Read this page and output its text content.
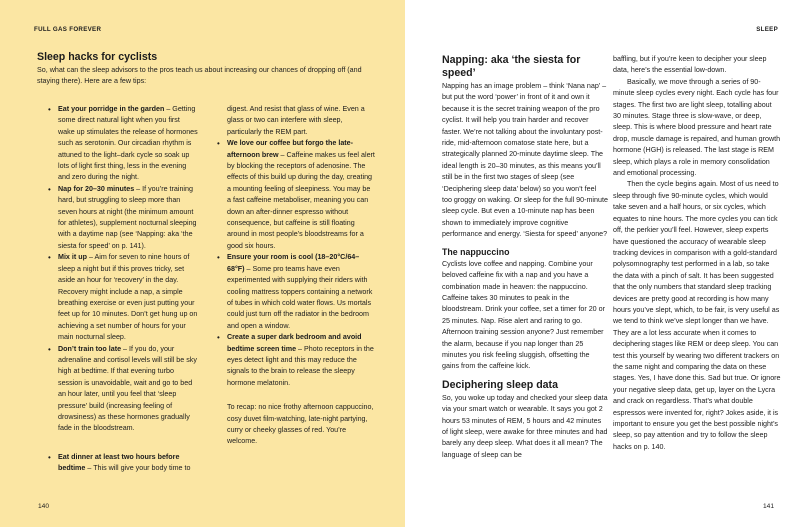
FULL GAS FOREVER
Sleep hacks for cyclists

So, what can the sleep advisors to the pros teach us about increasing our chances of dropping off (and staying there). Here are a few tips:

• Eat your porridge in the garden – Getting some direct natural light when you first wake up stimulates the release of hormones such as serotonin. Our circadian rhythm is attuned to the light–dark cycle so soak up lots of light first thing, less in the evening and zero during the night.
• Nap for 20–30 minutes – If you’re training hard, but struggling to sleep more than seven hours at night (the minimum amount for athletes), supplement nocturnal sleeping with a daytime nap (see ‘Napping: aka ‘the siesta for speed’ on p. 141).
• Mix it up – Aim for seven to nine hours of sleep a night but if this proves tricky, set aside an hour for ‘recovery’ in the day. Recovery might include a nap, a simple breathing exercise or even just putting your feet up for 10 minutes. Don’t get hung up on achieving a set number of hours for your main nocturnal sleep.
• Don’t train too late – If you do, your adrenaline and cortisol levels will still be sky high at bedtime. If that evening turbo session is unavoidable, wait and go to bed an hour later, until you feel that ‘sleep pressure’ build (increasing feeling of drowsiness) as these hormones gradually fade in the bloodstream.
• Eat dinner at least two hours before bedtime – This will give your body time to

digest. And resist that glass of wine. Even a glass or two can interfere with sleep, particularly the REM part.

• We love our coffee but forgo the late-afternoon brew – Caffeine makes us feel alert by blocking the receptors of adenosine. The effects of this build up during the day, creating a mounting feeling of sleepiness. You may be a fast caffeine metaboliser, meaning you can down an after-dinner espresso without consequence, but caffeine is still floating around in most people’s bloodstreams for a good six hours.
• Ensure your room is cool (18–20°C/64–68°F) – Some pro teams have even experimented with supplying their riders with cooling mattress toppers containing a network of tubes in which cold water flows. Us mortals could just turn off the radiator in the bedroom and open a window.
• Create a super dark bedroom and avoid bedtime screen time – Photo receptors in the eyes detect light and this may reduce the signals to the brain to release the sleepy hormone melatonin.

To recap: no nice frothy afternoon cappuccino, cosy duvet film-watching, late-night partying, curry or cheeky glasses of red. You’re welcome.

140
SLEEP
Napping: aka ‘the siesta for speed’

Napping has an image problem – think ‘Nana nap’ – but put the word ‘power’ in front of it and own it because it is the secret training weapon of the pro cyclist. It will help you train harder and recover faster. We’re not talking about the involuntary post-ride, mid-afternoon comatose state here, but a strategically planned 20-minute daytime sleep. The ideal length is 20–30 minutes, as this means you’ll still be in the first two stages of sleep (see ‘Deciphering sleep data’ below) so you won’t feel too groggy on waking. Or sleep for the full 90-minute sleep cycle. But even a 10-minute nap has been shown to immediately improve cognitive performance and energy. ‘Siesta for speed’ anyone?

The nappuccino

Cyclists love coffee and napping. Combine your beloved caffeine fix with a nap and you have a combination made in heaven: the nappuccino. Caffeine takes 30 minutes to peak in the bloodstream. Drink your coffee, set a timer for 20 or 25 minutes. Nap. Rise alert and raring to go. Afternoon training session anyone? Just remember the alarm, because if you nap longer than 25 minutes you risk feeling sluggish, offsetting the gains from the caffeine kick.

Deciphering sleep data

So, you woke up today and checked your sleep data via your smart watch or wearable. It says you got 2 hours 53 minutes of REM, 5 hours and 42 minutes of light sleep, were awake for three minutes and had barely any deep sleep. What does it all mean? The language of sleep can be

baffling, but if you’re keen to decipher your sleep data, here’s the essential low-down.

Basically, we move through a series of 90-minute sleep cycles every night. Each cycle has four stages. The first two are light sleep, totalling about 30 minutes. Stage three is slow-wave, or deep, sleep. This is where blood pressure and heart rate drop, muscle damage is repaired, and human growth hormone (HGH) is released. The last stage is REM sleep, which plays a role in memory consolidation and emotional processing.

Then the cycle begins again. Most of us need to sleep through five 90-minute cycles, which would take seven and a half hours, or six cycles, which equates to nine hours. The more cycles you can tick off, the perkier you’ll feel. However, sleep experts have questioned the accuracy of wearable sleep tracking devices in comparison with a gold-standard polysomnography test performed in a lab, so take the data with a pinch of salt. It has been suggested that the only numbers that standard sleep tracking devices are pretty good at recording is how many hours you’ve slept, which, to be fair, is very useful as we tend to think we’ve slept longer than we have. They are a lot less accurate when it comes to deciphering stages like REM or deep sleep. You can test this yourself by wearing two different trackers on the same night and comparing the data on these stages. Yes, I have done this. Sad but true. Or ignore your negative sleep data, get up, layer on the Lycra and crack on regardless. That’s what double espressos were invented for, right? Jokes aside, it is important to ensure you get the best possible night’s sleep, so pay attention and try to follow the sleep hacks on p. 140.

141
